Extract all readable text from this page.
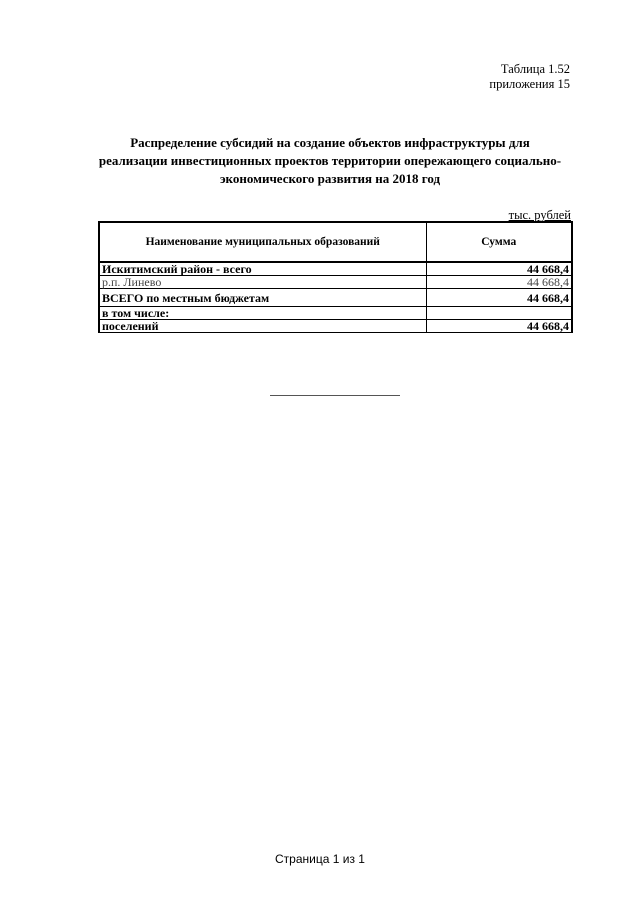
Таблица 1.52
приложения 15
Распределение субсидий на создание объектов инфраструктуры для
реализации инвестиционных проектов территории опережающего социально-
экономического развития на 2018 год
тыс. рублей
Наименование муниципальных образований	Сумма
Искитимский район - всего	44 668,4
р.п. Линево	44 668,4
ВСЕГО по местным бюджетам	44 668,4
в том числе:	
поселений	44 668,4
Страница 1 из 1
